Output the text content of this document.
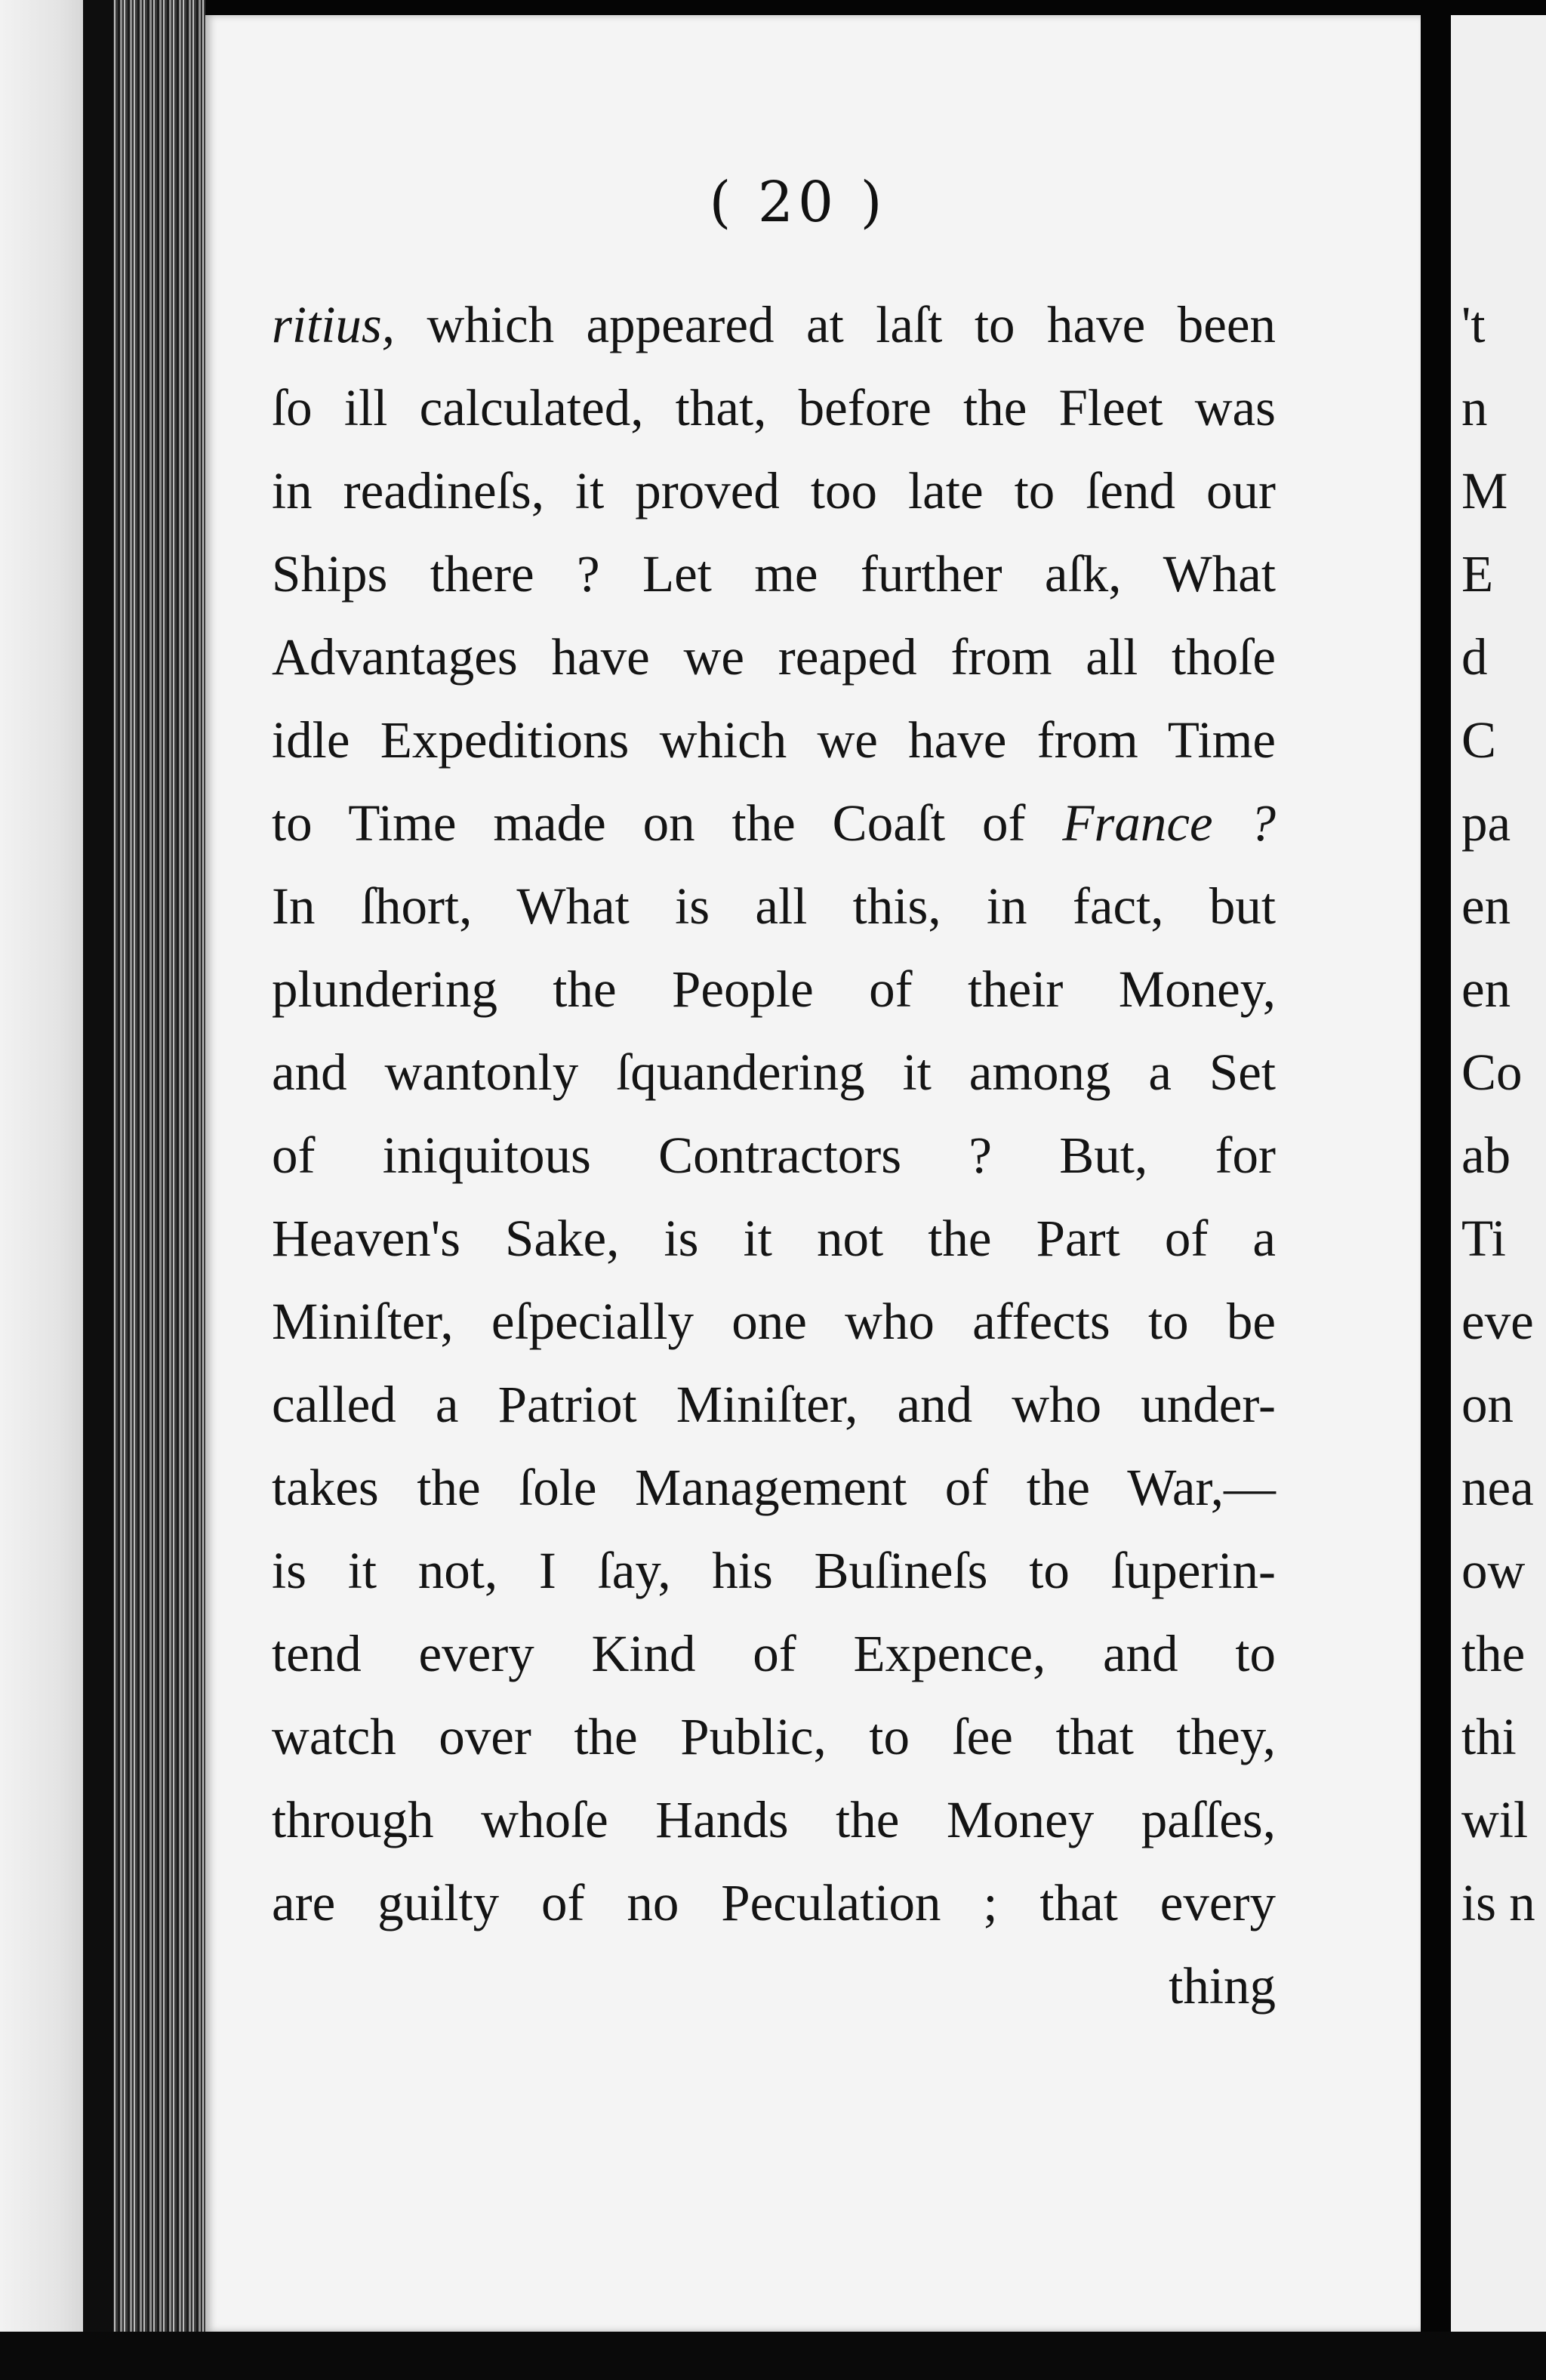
( 20 )
ritius, which appeared at laſt to have been
ſo ill calculated, that, before the Fleet was
in readineſs, it proved too late to ſend our
Ships there ? Let me further aſk, What
Advantages have we reaped from all thoſe
idle Expeditions which we have from Time
to Time made on the Coaſt of France ?
In ſhort, What is all this, in fact, but
plundering the People of their Money,
and wantonly ſquandering it among a Set
of iniquitous Contractors ? But, for
Heaven's Sake, is it not the Part of a
Miniſter, eſpecially one who affects to be
called a Patriot Miniſter, and who under-
takes the ſole Management of the War,—
is it not, I ſay, his Buſineſs to ſuperin-
tend every Kind of Expence, and to
watch over the Public, to ſee that they,
through whoſe Hands the Money paſſes,
are guilty of no Peculation ; that every
thing
't
n
M
E
d
C
pa
en
en
Co
ab
Ti
eve
on
nea
ow
the
thi
wil
is n
